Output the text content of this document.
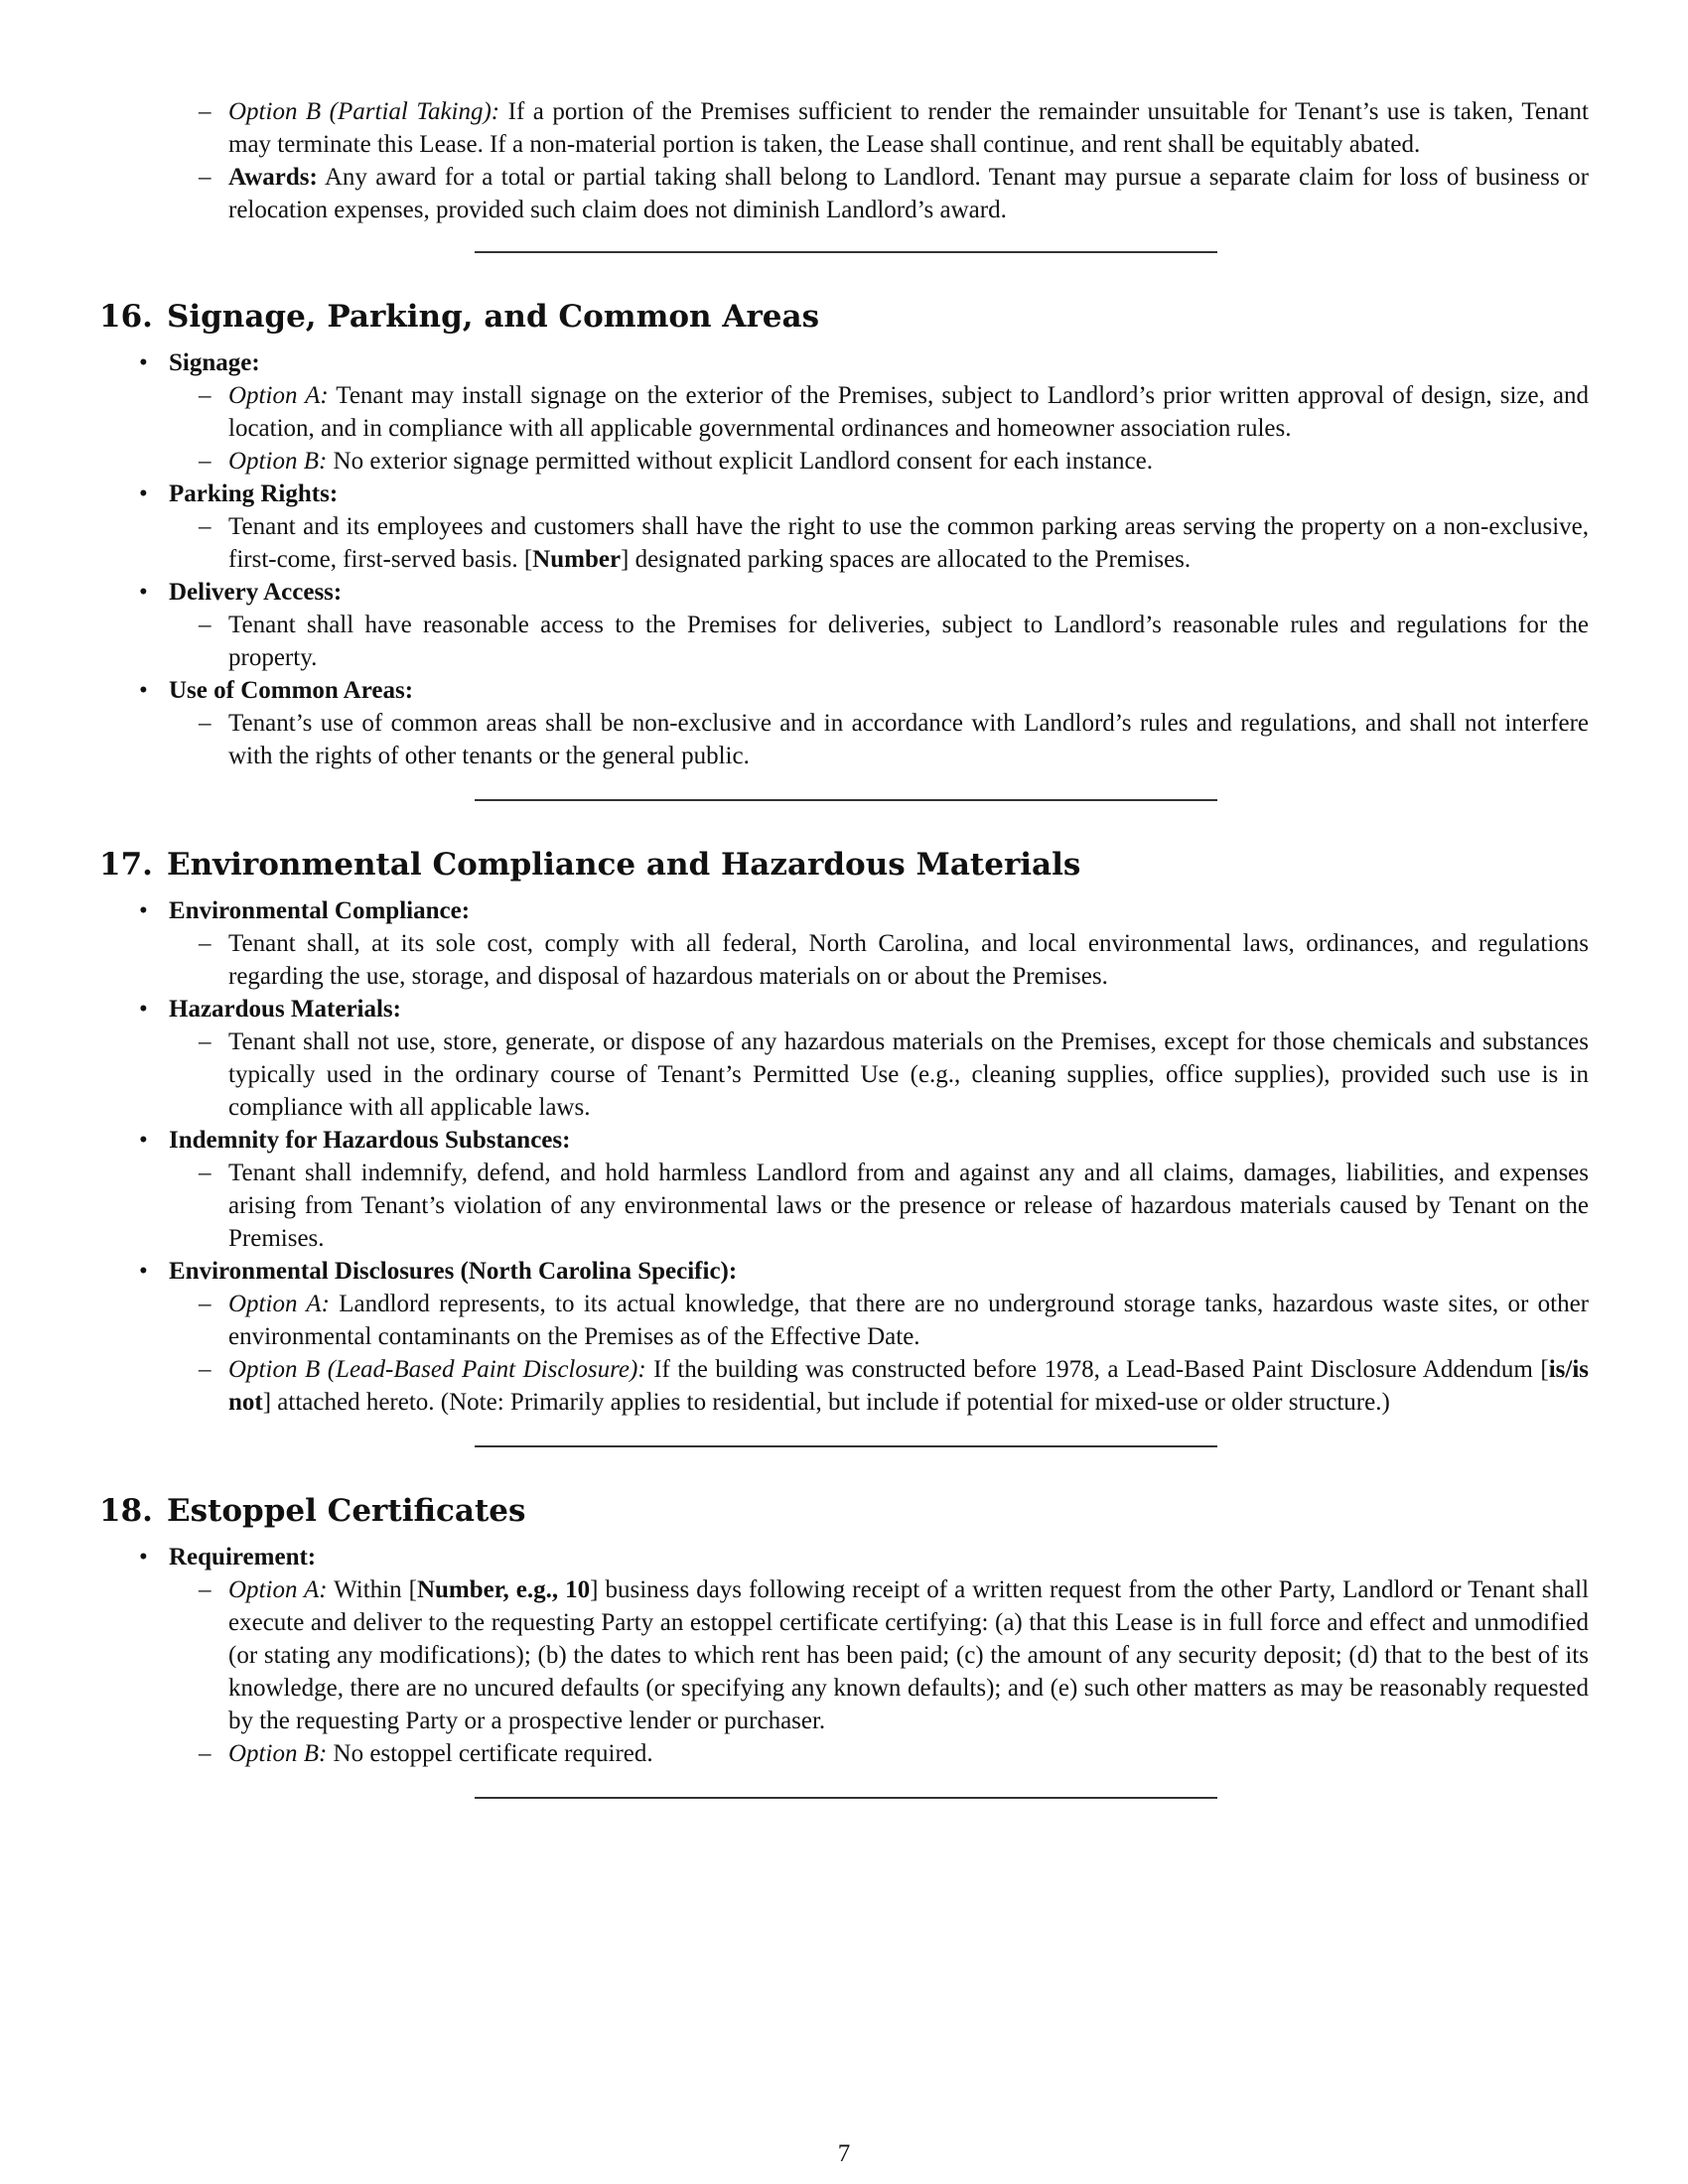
– Option B (Partial Taking): If a portion of the Premises sufficient to render the remainder unsuitable for Tenant’s use is taken, Tenant may terminate this Lease. If a non-material portion is taken, the Lease shall continue, and rent shall be equitably abated.
– Awards: Any award for a total or partial taking shall belong to Landlord. Tenant may pursue a separate claim for loss of business or relocation expenses, provided such claim does not diminish Landlord’s award.
16. Signage, Parking, and Common Areas
• Signage:
– Option A: Tenant may install signage on the exterior of the Premises, subject to Landlord’s prior written approval of design, size, and location, and in compliance with all applicable governmental ordinances and homeowner association rules.
– Option B: No exterior signage permitted without explicit Landlord consent for each instance.
• Parking Rights:
– Tenant and its employees and customers shall have the right to use the common parking areas serving the property on a non-exclusive, first-come, first-served basis. [Number] designated parking spaces are allocated to the Premises.
• Delivery Access:
– Tenant shall have reasonable access to the Premises for deliveries, subject to Landlord’s reasonable rules and regulations for the property.
• Use of Common Areas:
– Tenant’s use of common areas shall be non-exclusive and in accordance with Landlord’s rules and regulations, and shall not interfere with the rights of other tenants or the general public.
17. Environmental Compliance and Hazardous Materials
• Environmental Compliance:
– Tenant shall, at its sole cost, comply with all federal, North Carolina, and local environmental laws, ordinances, and regulations regarding the use, storage, and disposal of hazardous materials on or about the Premises.
• Hazardous Materials:
– Tenant shall not use, store, generate, or dispose of any hazardous materials on the Premises, except for those chemicals and substances typically used in the ordinary course of Tenant’s Permitted Use (e.g., cleaning supplies, office supplies), provided such use is in compliance with all applicable laws.
• Indemnity for Hazardous Substances:
– Tenant shall indemnify, defend, and hold harmless Landlord from and against any and all claims, damages, liabilities, and expenses arising from Tenant’s violation of any environmental laws or the presence or release of hazardous materials caused by Tenant on the Premises.
• Environmental Disclosures (North Carolina Specific):
– Option A: Landlord represents, to its actual knowledge, that there are no underground storage tanks, hazardous waste sites, or other environmental contaminants on the Premises as of the Effective Date.
– Option B (Lead-Based Paint Disclosure): If the building was constructed before 1978, a Lead-Based Paint Disclosure Addendum [is/is not] attached hereto. (Note: Primarily applies to residential, but include if potential for mixed-use or older structure.)
18. Estoppel Certificates
• Requirement:
– Option A: Within [Number, e.g., 10] business days following receipt of a written request from the other Party, Landlord or Tenant shall execute and deliver to the requesting Party an estoppel certificate certifying: (a) that this Lease is in full force and effect and unmodified (or stating any modifications); (b) the dates to which rent has been paid; (c) the amount of any security deposit; (d) that to the best of its knowledge, there are no uncured defaults (or specifying any known defaults); and (e) such other matters as may be reasonably requested by the requesting Party or a prospective lender or purchaser.
– Option B: No estoppel certificate required.
7
